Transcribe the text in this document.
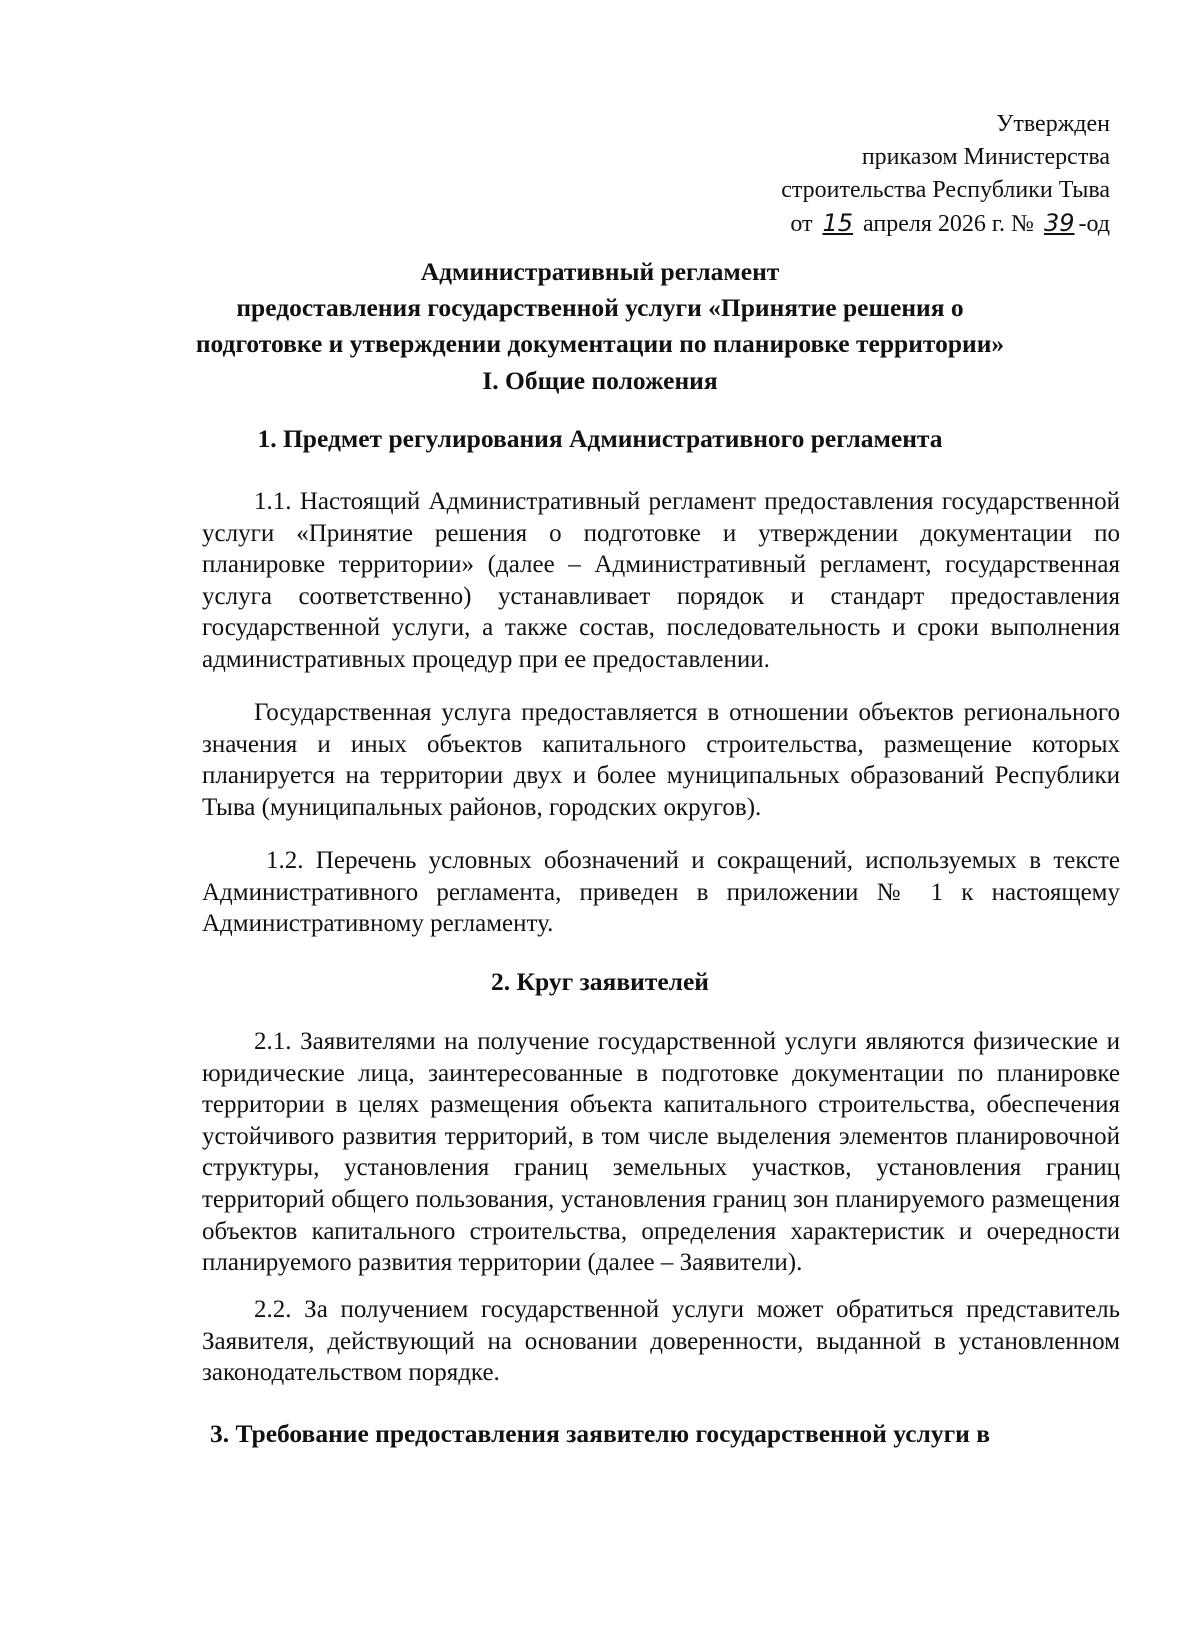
Утвержден
приказом Министерства
строительства Республики Тыва
от 15 апреля 2026 г. № 39 -од
Административный регламент
предоставления государственной услуги «Принятие решения о
подготовке и утверждении документации по планировке территории»
I. Общие положения
1. Предмет регулирования Административного регламента

1.1. Настоящий Административный регламент предоставления государственной услуги «Принятие решения о подготовке и утверждении документации по планировке территории» (далее – Административный регламент, государственная услуга соответственно) устанавливает порядок и стандарт предоставления государственной услуги, а также состав, последовательность и сроки выполнения административных процедур при ее предоставлении.

Государственная услуга предоставляется в отношении объектов регионального значения и иных объектов капитального строительства, размещение которых планируется на территории двух и более муниципальных образований Республики Тыва (муниципальных районов, городских округов).

1.2. Перечень условных обозначений и сокращений, используемых в тексте Административного регламента, приведен в приложении № 1 к настоящему Административному регламенту.

2. Круг заявителей

2.1. Заявителями на получение государственной услуги являются физические и юридические лица, заинтересованные в подготовке документации по планировке территории в целях размещения объекта капитального строительства, обеспечения устойчивого развития территорий, в том числе выделения элементов планировочной структуры, установления границ земельных участков, установления границ территорий общего пользования, установления границ зон планируемого размещения объектов капитального строительства, определения характеристик и очередности планируемого развития территории (далее – Заявители).

2.2. За получением государственной услуги может обратиться представитель Заявителя, действующий на основании доверенности, выданной в установленном законодательством порядке.

3. Требование предоставления заявителю государственной услуги в
